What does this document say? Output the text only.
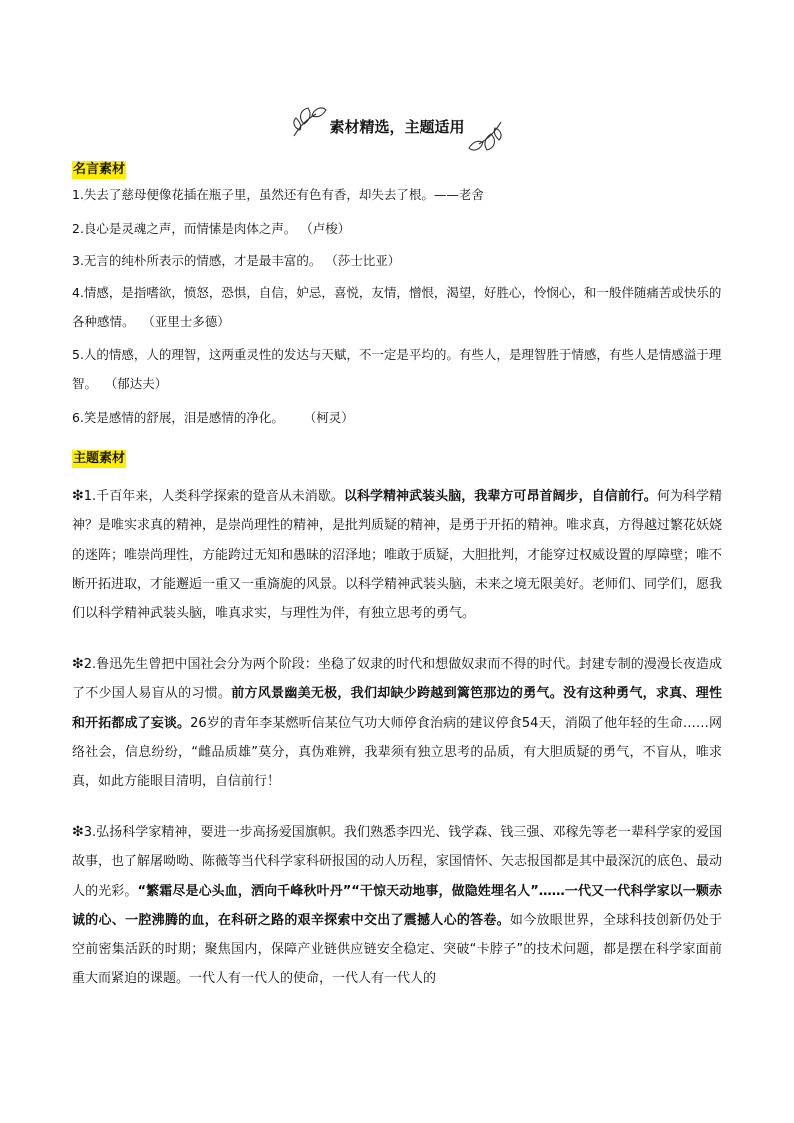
素材精选，主题适用
名言素材
1.失去了慈母便像花插在瓶子里，虽然还有色有香，却失去了根。——老舍
2.良心是灵魂之声，而情愫是肉体之声。 （卢梭）
3.无言的纯朴所表示的情感，才是最丰富的。 （莎士比亚）
4.情感，是指嗜欲，愤怒，恐惧，自信，妒忌，喜悦，友情，憎恨，渴望，好胜心，怜悯心，和一般伴随痛苦或快乐的各种感情。 （亚里士多德）
5.人的情感，人的理智，这两重灵性的发达与天赋，不一定是平均的。有些人，是理智胜于情感，有些人是情感溢于理智。 （郁达夫）
6.笑是感情的舒展，泪是感情的净化。 （柯灵）
主题素材
❇1.千百年来，人类科学探索的跫音从未消歇。以科学精神武装头脑，我辈方可昂首阔步，自信前行。何为科学精神？是唯实求真的精神，是崇尚理性的精神，是批判质疑的精神，是勇于开拓的精神。唯求真，方得越过繁花妖娆的迷阵；唯崇尚理性，方能跨过无知和愚昧的沼泽地；唯敢于质疑，大胆批判，才能穿过权威设置的厚障壁；唯不断开拓进取，才能邂逅一重又一重旖旎的风景。以科学精神武装头脑，未来之境无限美好。老师们、同学们，愿我们以科学精神武装头脑，唯真求实，与理性为伴，有独立思考的勇气。
❇2.鲁迅先生曾把中国社会分为两个阶段：坐稳了奴隶的时代和想做奴隶而不得的时代。封建专制的漫漫长夜造成了不少国人易盲从的习惯。前方风景幽美无极，我们却缺少跨越到篱笆那边的勇气。没有这种勇气，求真、理性和开拓都成了妄谈。26岁的青年李某燃听信某位气功大师停食治病的建议停食54天，消陨了他年轻的生命……网络社会，信息纷纷，“雌品质雄”莫分，真伪难辨，我辈须有独立思考的品质，有大胆质疑的勇气，不盲从，唯求真，如此方能眼目清明，自信前行！
❇3.弘扬科学家精神，要进一步高扬爱国旗帜。我们熟悉李四光、钱学森、钱三强、邓稼先等老一辈科学家的爱国故事，也了解屠呦呦、陈薇等当代科学家科研报国的动人历程，家国情怀、矢志报国都是其中最深沉的底色、最动人的光彩。“繁霜尽是心头血，洒向千峰秋叶丹”“干惊天动地事，做隐姓埋名人”……一代又一代科学家以一颗赤诚的心、一腔沸腾的血，在科研之路的艰辛探索中交出了震撼人心的答卷。如今放眼世界，全球科技创新仍处于空前密集活跃的时期；聚焦国内，保障产业链供应链安全稳定、突破“卡脖子”的技术问题，都是摆在科学家面前重大而紧迫的课题。一代人有一代人的使命，一代人有一代人的
